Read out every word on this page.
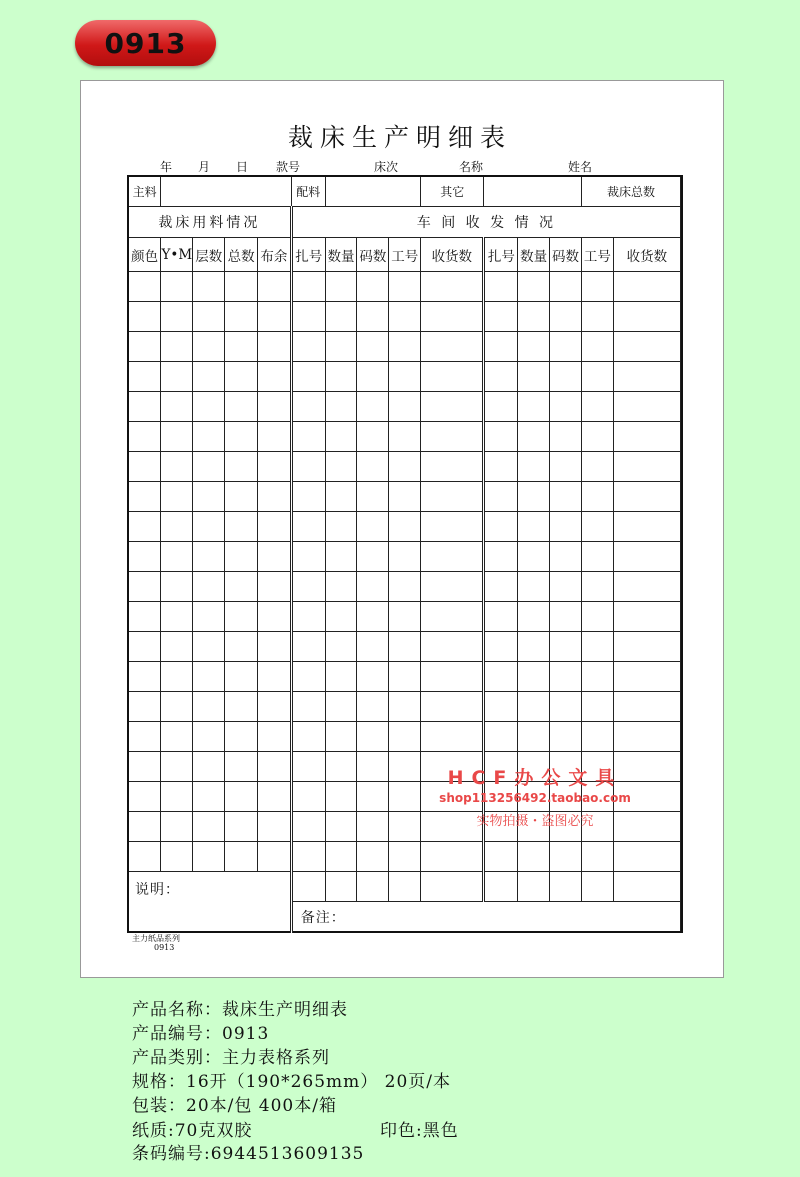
0913
裁床生产明细表
年 月 日 款号	床次	名称	姓名
主料					配料				其它				裁床总数		
裁床用料情况					车 间 收 发 情 况										
颜色	Y•M	层数	总数	布余	扎号	数量	码数	工号	收货数	扎号	数量	码数	工号	收货数	

说明：															
					备注：										
主力纸品系列
0913
HCF办公文具
shop113256492.taobao.com
实物拍摄・盗图必究
产品名称：裁床生产明细表
产品编号：0913
产品类别：主力表格系列
规格：16开（190*265mm） 20页/本
包装：20本/包 400本/箱
纸质:70克双胶	印色:黑色
条码编号:6944513609135
